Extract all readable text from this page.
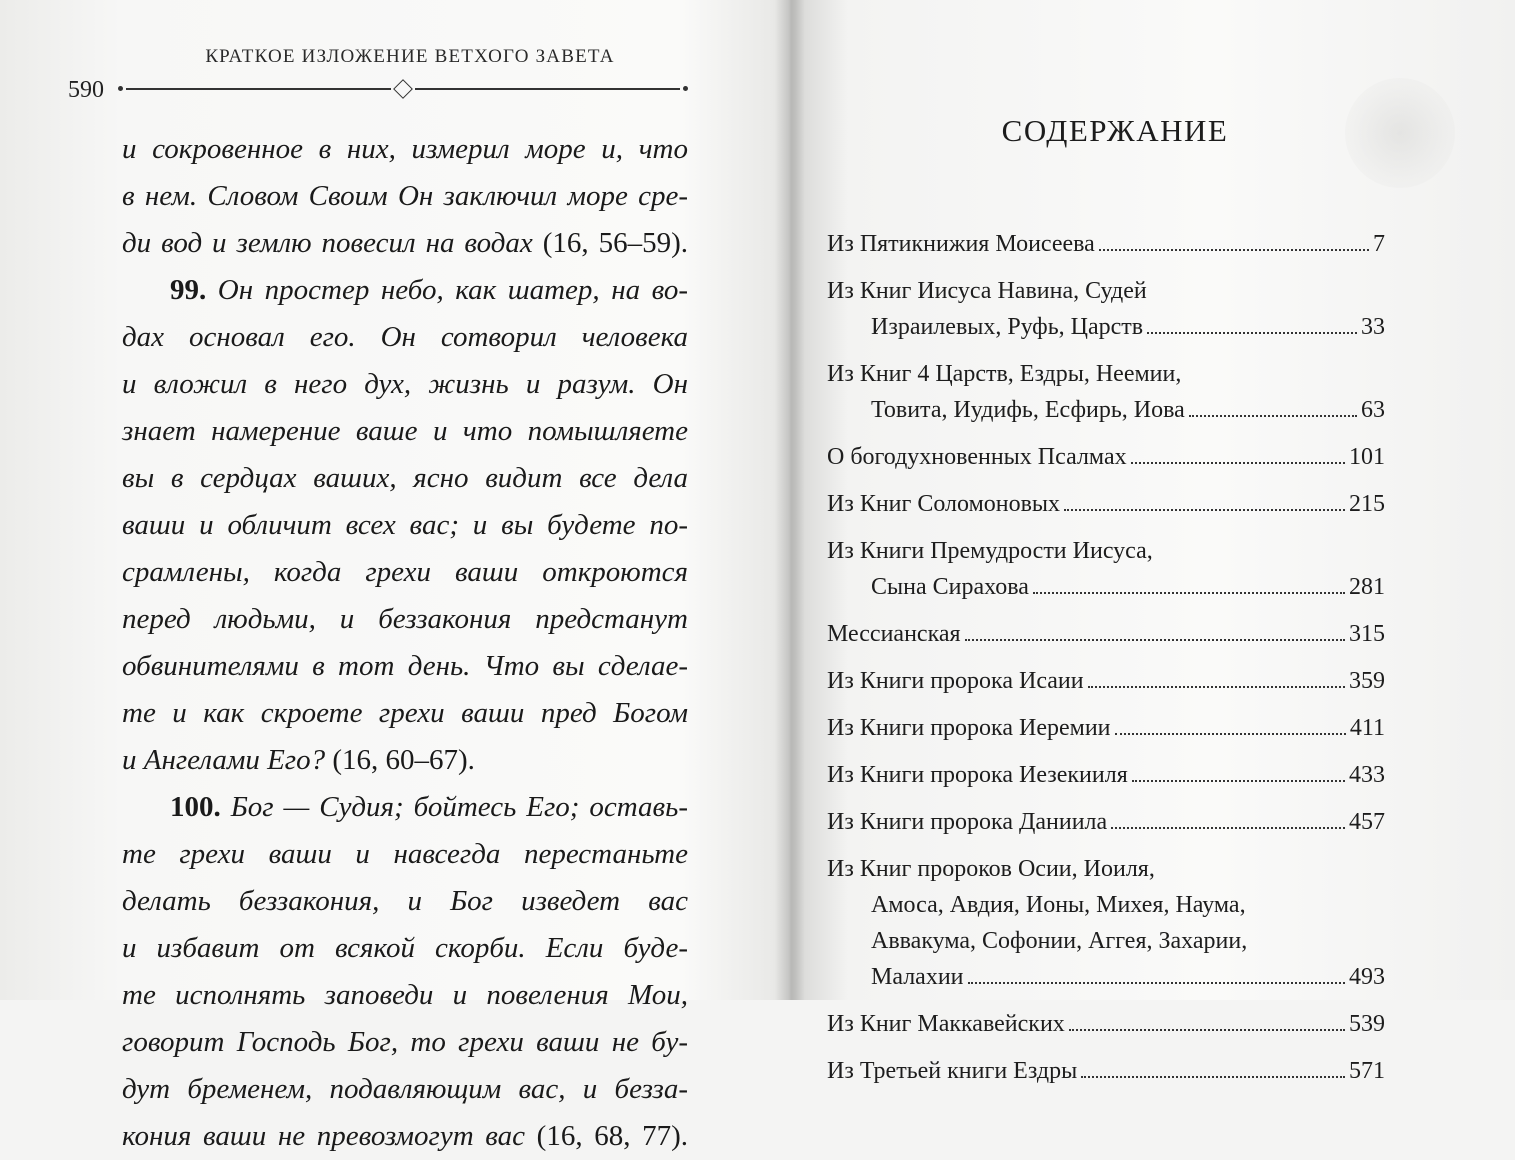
КРАТКОЕ ИЗЛОЖЕНИЕ ВЕТХОГО ЗАВЕТА
590
и сокровенное в них, измерил море и, что
в нем. Словом Своим Он заключил море сре-
ди вод и землю повесил на водах (16, 56–59).
99. Он простер небо, как шатер, на во-
дах основал его. Он сотворил человека
и вложил в него дух, жизнь и разум. Он
знает намерение ваше и что помышляете
вы в сердцах ваших, ясно видит все дела
ваши и обличит всех вас; и вы будете по-
срамлены, когда грехи ваши откроются
перед людьми, и беззакония предстанут
обвинителями в тот день. Что вы сделае-
те и как скроете грехи ваши пред Богом
и Ангелами Его? (16, 60–67).
100. Бог — Судия; бойтесь Его; оставь-
те грехи ваши и навсегда перестаньте
делать беззакония, и Бог изведет вас
и избавит от всякой скорби. Если буде-
те исполнять заповеди и повеления Мои,
говорит Господь Бог, то грехи ваши не бу-
дут бременем, подавляющим вас, и безза-
кония ваши не превозмогут вас (16, 68, 77).
СОДЕРЖАНИЕ
Из Пятикнижия Моисеева	7
Из Книг Иисуса Навина, Судей
Израилевых, Руфь, Царств	33
Из Книг 4 Царств, Ездры, Неемии,
Товита, Иудифь, Есфирь, Иова	63
О богодухновенных Псалмах	101
Из Книг Соломоновых	215
Из Книги Премудрости Иисуса,
Сына Сирахова	281
Мессианская	315
Из Книги пророка Исаии	359
Из Книги пророка Иеремии	411
Из Книги пророка Иезекииля	433
Из Книги пророка Даниила	457
Из Книг пророков Осии, Иоиля,
Амоса, Авдия, Ионы, Михея, Наума,
Аввакума, Софонии, Аггея, Захарии,
Малахии	493
Из Книг Маккавейских	539
Из Третьей книги Ездры	571
